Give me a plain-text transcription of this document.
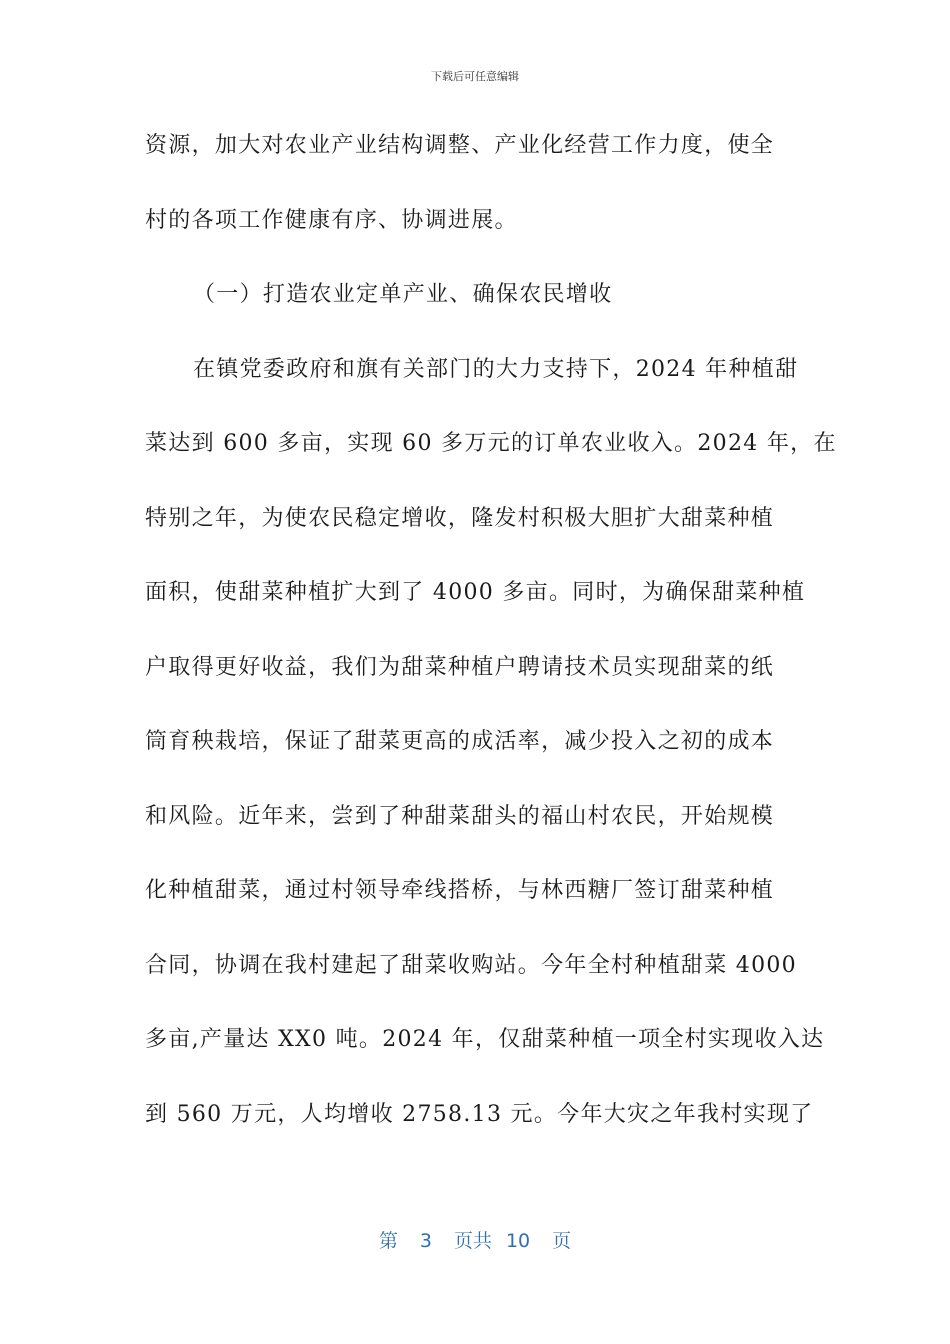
下载后可任意编辑
资源，加大对农业产业结构调整、产业化经营工作力度，使全
村的各项工作健康有序、协调进展。
（一）打造农业定单产业、确保农民增收
在镇党委政府和旗有关部门的大力支持下，2024 年种植甜
菜达到 600 多亩，实现 60 多万元的订单农业收入。2024 年，在
特别之年，为使农民稳定增收，隆发村积极大胆扩大甜菜种植
面积，使甜菜种植扩大到了 4000 多亩。同时，为确保甜菜种植
户取得更好收益，我们为甜菜种植户聘请技术员实现甜菜的纸
筒育秧栽培，保证了甜菜更高的成活率，减少投入之初的成本
和风险。近年来，尝到了种甜菜甜头的福山村农民，开始规模
化种植甜菜，通过村领导牵线搭桥，与林西糖厂签订甜菜种植
合同，协调在我村建起了甜菜收购站。今年全村种植甜菜 4000
多亩,产量达 XX0 吨。2024 年，仅甜菜种植一项全村实现收入达
到 560 万元，人均增收 2758.13 元。今年大灾之年我村实现了
第 3 页共 10 页
